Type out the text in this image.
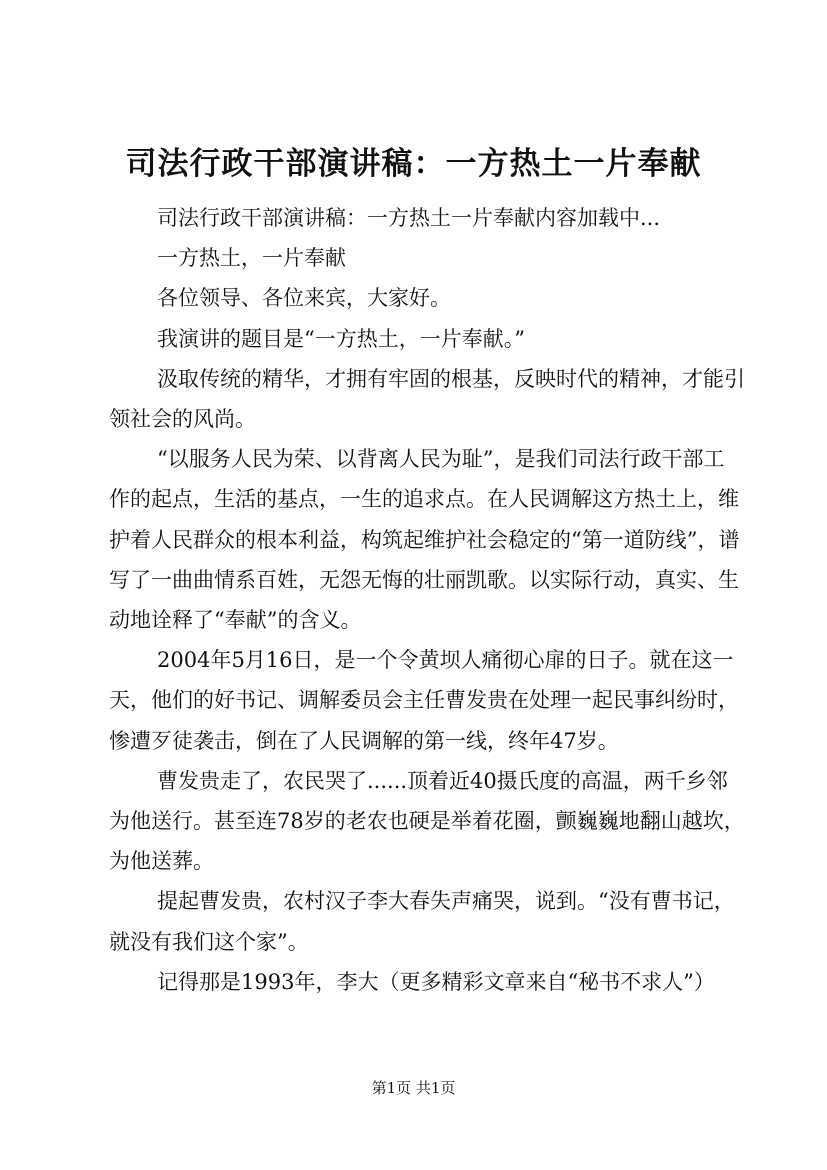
司法行政干部演讲稿：一方热土一片奉献

司法行政干部演讲稿：一方热土一片奉献内容加载中...

一方热土，一片奉献

各位领导、各位来宾，大家好。

我演讲的题目是“一方热土，一片奉献。”

汲取传统的精华，才拥有牢固的根基，反映时代的精神，才能引领社会的风尚。

“以服务人民为荣、以背离人民为耻”，是我们司法行政干部工作的起点，生活的基点，一生的追求点。在人民调解这方热土上，维护着人民群众的根本利益，构筑起维护社会稳定的“第一道防线”，谱写了一曲曲情系百姓，无怨无悔的壮丽凯歌。以实际行动，真实、生动地诠释了“奉献”的含义。

2004年5月16日，是一个令黄坝人痛彻心扉的日子。就在这一天，他们的好书记、调解委员会主任曹发贵在处理一起民事纠纷时，惨遭歹徒袭击，倒在了人民调解的第一线，终年47岁。

曹发贵走了，农民哭了......顶着近40摄氏度的高温，两千乡邻为他送行。甚至连78岁的老农也硬是举着花圈，颤巍巍地翻山越坎，为他送葬。

提起曹发贵，农村汉子李大春失声痛哭，说到。“没有曹书记，就没有我们这个家”。

记得那是1993年，李大（更多精彩文章来自“秘书不求人”）

第1页 共1页
